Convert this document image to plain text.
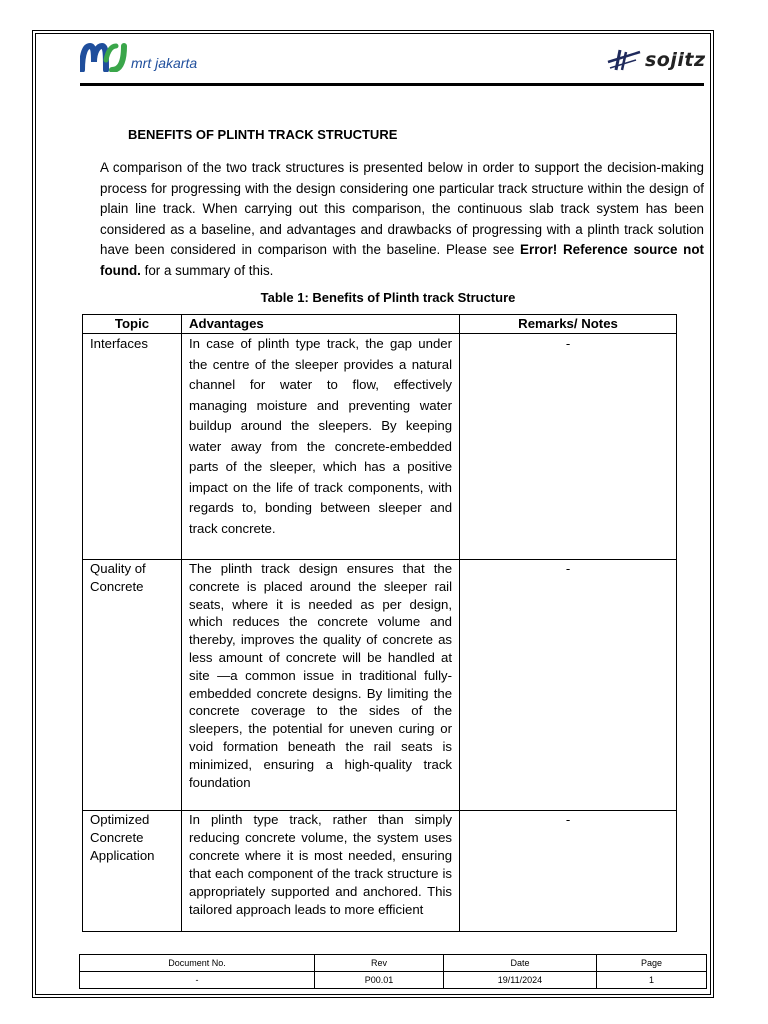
mrt jakarta	sojitz
BENEFITS OF PLINTH TRACK STRUCTURE
A comparison of the two track structures is presented below in order to support the decision-making process for progressing with the design considering one particular track structure within the design of plain line track. When carrying out this comparison, the continuous slab track system has been considered as a baseline, and advantages and drawbacks of progressing with a plinth track solution have been considered in comparison with the baseline. Please see Error! Reference source not found. for a summary of this.
Table 1: Benefits of Plinth track Structure
Topic	Advantages	Remarks/ Notes
Interfaces	In case of plinth type track, the gap under the centre of the sleeper provides a natural channel for water to flow, effectively managing moisture and preventing water buildup around the sleepers. By keeping water away from the concrete-embedded parts of the sleeper, which has a positive impact on the life of track components, with regards to, bonding between sleeper and track concrete.	-
Quality of Concrete	The plinth track design ensures that the concrete is placed around the sleeper rail seats, where it is needed as per design, which reduces the concrete volume and thereby, improves the quality of concrete as less amount of concrete will be handled at site —a common issue in traditional fully-embedded concrete designs. By limiting the concrete coverage to the sides of the sleepers, the potential for uneven curing or void formation beneath the rail seats is minimized, ensuring a high-quality track foundation	-
Optimized Concrete Application	In plinth type track, rather than simply reducing concrete volume, the system uses concrete where it is most needed, ensuring that each component of the track structure is appropriately supported and anchored. This tailored approach leads to more efficient	-
Document No.	Rev	Date	Page
-	P00.01	19/11/2024	1
